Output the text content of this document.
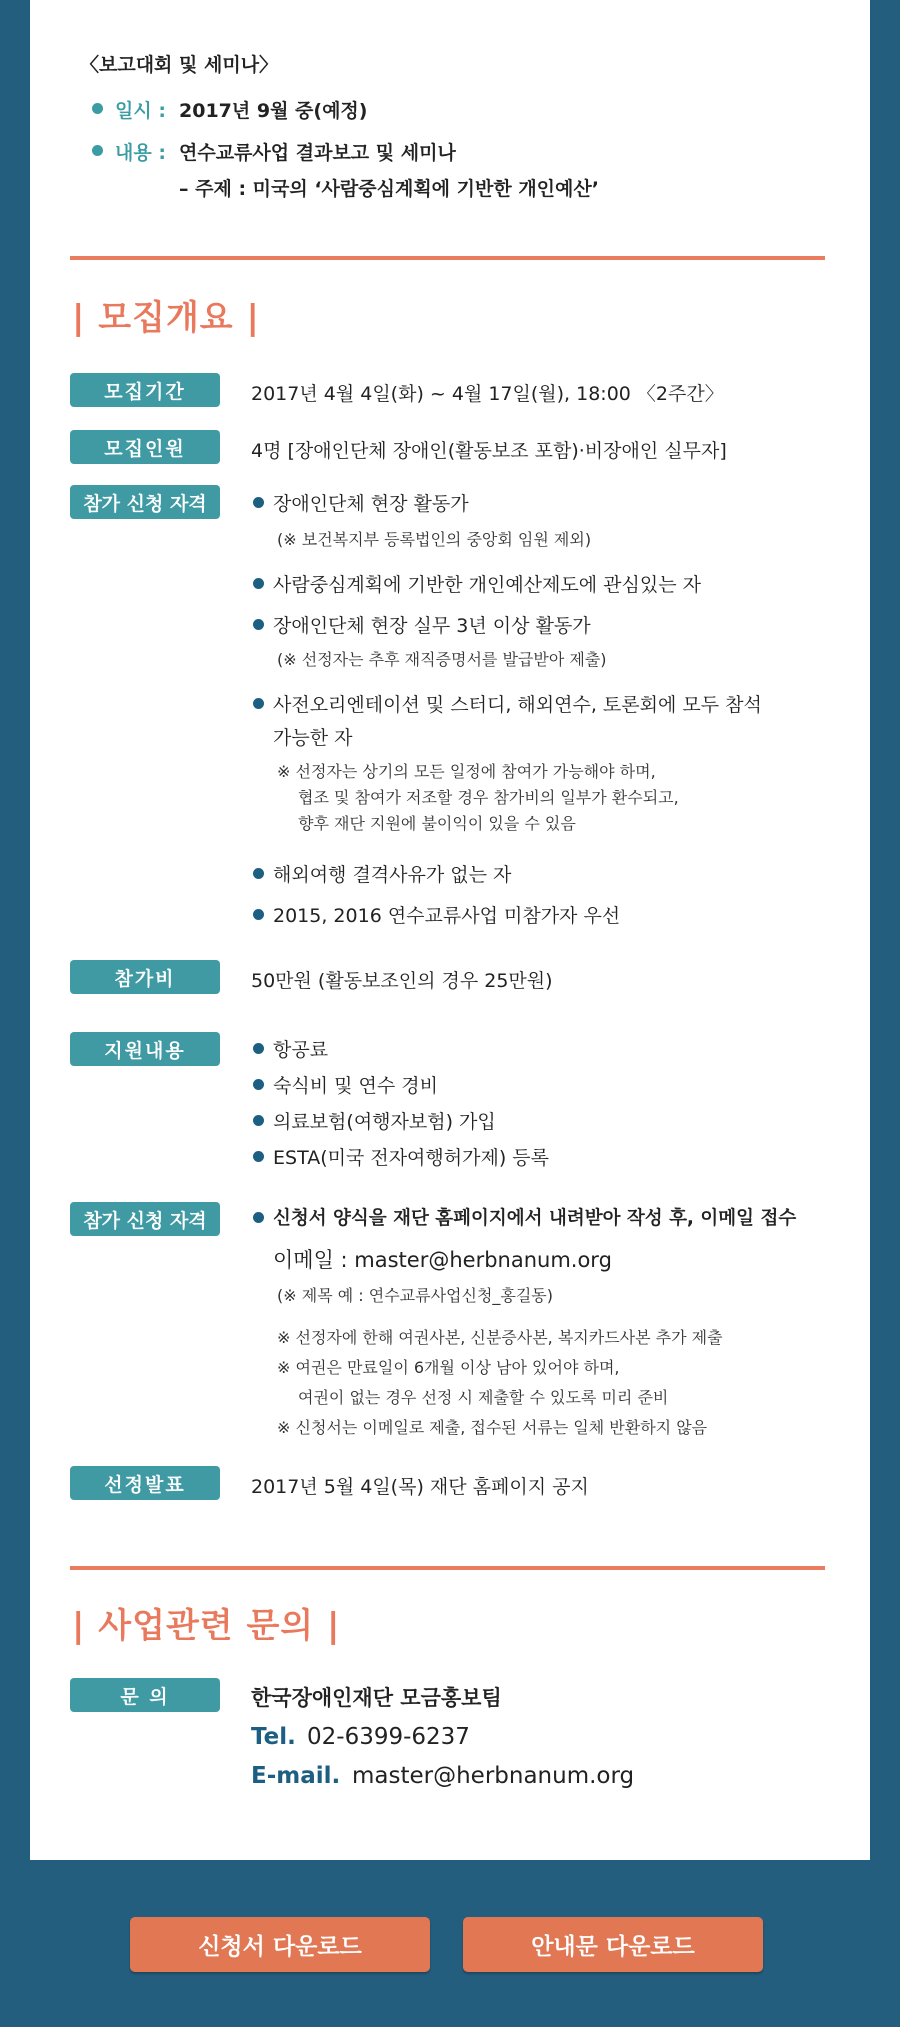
〈보고대회 및 세미나〉
일시 : 2017년 9월 중(예정)
내용 : 연수교류사업 결과보고 및 세미나
– 주제 : 미국의 ‘사람중심계획에 기반한 개인예산’
| 모집개요 |
모집기간	2017년 4월 4일(화) ~ 4월 17일(월), 18:00 〈2주간〉
모집인원	4명 [장애인단체 장애인(활동보조 포함)·비장애인 실무자]
참가 신청 자격	장애인단체 현장 활동가
(※ 보건복지부 등록법인의 중앙회 임원 제외)
사람중심계획에 기반한 개인예산제도에 관심있는 자
장애인단체 현장 실무 3년 이상 활동가
(※ 선정자는 추후 재직증명서를 발급받아 제출)
사전오리엔테이션 및 스터디, 해외연수, 토론회에 모두 참석
가능한 자
※ 선정자는 상기의 모든 일정에 참여가 가능해야 하며,
협조 및 참여가 저조할 경우 참가비의 일부가 환수되고,
향후 재단 지원에 불이익이 있을 수 있음
해외여행 결격사유가 없는 자
2015, 2016 연수교류사업 미참가자 우선
참가비	50만원 (활동보조인의 경우 25만원)
지원내용	항공료
숙식비 및 연수 경비
의료보험(여행자보험) 가입
ESTA(미국 전자여행허가제) 등록
참가 신청 자격	신청서 양식을 재단 홈페이지에서 내려받아 작성 후, 이메일 접수
이메일 : master@herbnanum.org
(※ 제목 예 : 연수교류사업신청_홍길동)
※ 선정자에 한해 여권사본, 신분증사본, 복지카드사본 추가 제출
※ 여권은 만료일이 6개월 이상 남아 있어야 하며,
여권이 없는 경우 선정 시 제출할 수 있도록 미리 준비
※ 신청서는 이메일로 제출, 접수된 서류는 일체 반환하지 않음
선정발표	2017년 5월 4일(목) 재단 홈페이지 공지
| 사업관련 문의 |
문 의	한국장애인재단 모금홍보팀
Tel. 02-6399-6237
E-mail. master@herbnanum.org
신청서 다운로드	안내문 다운로드
